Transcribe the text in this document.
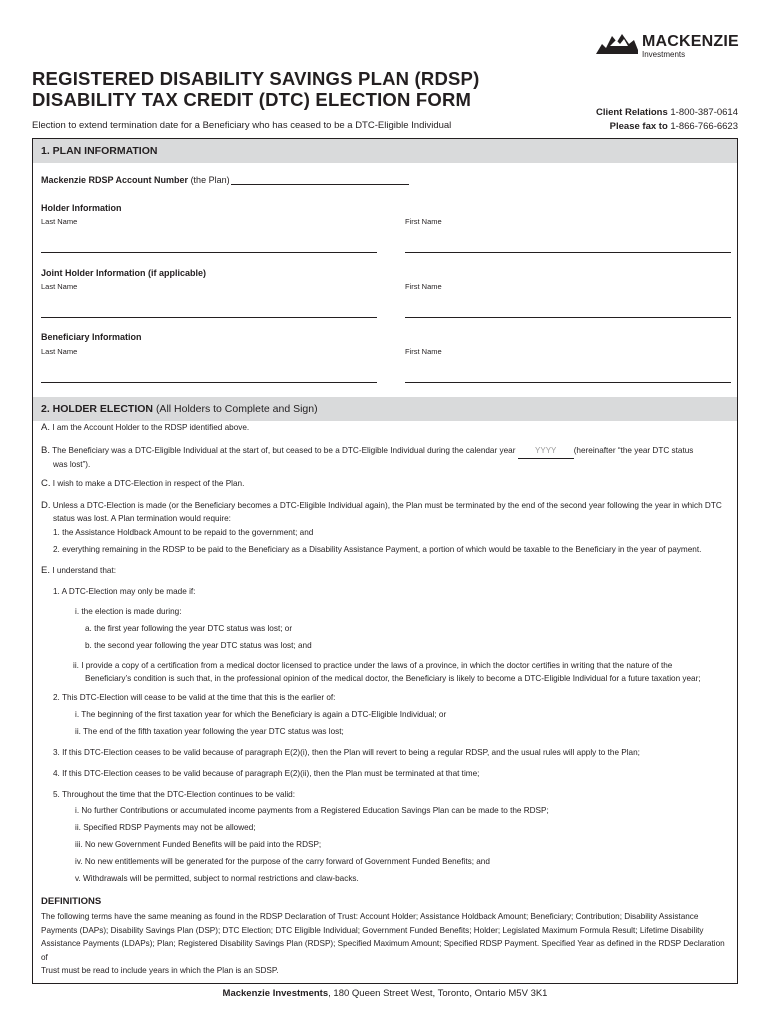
MACKENZIE
Investments
REGISTERED DISABILITY SAVINGS PLAN (RDSP)
DISABILITY TAX CREDIT (DTC) ELECTION FORM
Election to extend termination date for a Beneficiary who has ceased to be a DTC-Eligible Individual
Client Relations 1-800-387-0614
Please fax to 1-866-766-6623
1. PLAN INFORMATION
Mackenzie RDSP Account Number (the Plan)
Holder Information
Last Name	First Name
Joint Holder Information (if applicable)
Last Name	First Name
Beneficiary Information
Last Name	First Name
2. HOLDER ELECTION (All Holders to Complete and Sign)
A. I am the Account Holder to the RDSP identified above.
B. The Beneficiary was a DTC-Eligible Individual at the start of, but ceased to be a DTC-Eligible Individual during the calendar year YYYY (hereinafter “the year DTC status
was lost”).
C. I wish to make a DTC-Election in respect of the Plan.
D. Unless a DTC-Election is made (or the Beneficiary becomes a DTC-Eligible Individual again), the Plan must be terminated by the end of the second year following the year in which DTC
status was lost. A Plan termination would require:
1. the Assistance Holdback Amount to be repaid to the government; and
2. everything remaining in the RDSP to be paid to the Beneficiary as a Disability Assistance Payment, a portion of which would be taxable to the Beneficiary in the year of payment.
E. I understand that:
1. A DTC-Election may only be made if:
i. the election is made during:
a. the first year following the year DTC status was lost; or
b. the second year following the year DTC status was lost; and
ii. I provide a copy of a certification from a medical doctor licensed to practice under the laws of a province, in which the doctor certifies in writing that the nature of the
Beneficiary’s condition is such that, in the professional opinion of the medical doctor, the Beneficiary is likely to become a DTC-Eligible Individual for a future taxation year;
2. This DTC-Election will cease to be valid at the time that this is the earlier of:
i. The beginning of the first taxation year for which the Beneficiary is again a DTC-Eligible Individual; or
ii. The end of the fifth taxation year following the year DTC status was lost;
3. If this DTC-Election ceases to be valid because of paragraph E(2)(i), then the Plan will revert to being a regular RDSP, and the usual rules will apply to the Plan;
4. If this DTC-Election ceases to be valid because of paragraph E(2)(ii), then the Plan must be terminated at that time;
5. Throughout the time that the DTC-Election continues to be valid:
i. No further Contributions or accumulated income payments from a Registered Education Savings Plan can be made to the RDSP;
ii. Specified RDSP Payments may not be allowed;
iii. No new Government Funded Benefits will be paid into the RDSP;
iv. No new entitlements will be generated for the purpose of the carry forward of Government Funded Benefits; and
v. Withdrawals will be permitted, subject to normal restrictions and claw-backs.
DEFINITIONS
The following terms have the same meaning as found in the RDSP Declaration of Trust: Account Holder; Assistance Holdback Amount; Beneficiary; Contribution; Disability Assistance
Payments (DAPs); Disability Savings Plan (DSP); DTC Election; DTC Eligible Individual; Government Funded Benefits; Holder; Legislated Maximum Formula Result; Lifetime Disability
Assistance Payments (LDAPs); Plan; Registered Disability Savings Plan (RDSP); Specified Maximum Amount; Specified RDSP Payment. Specified Year as defined in the RDSP Declaration of
Trust must be read to include years in which the Plan is an SDSP.
Mackenzie Investments, 180 Queen Street West, Toronto, Ontario M5V 3K1
